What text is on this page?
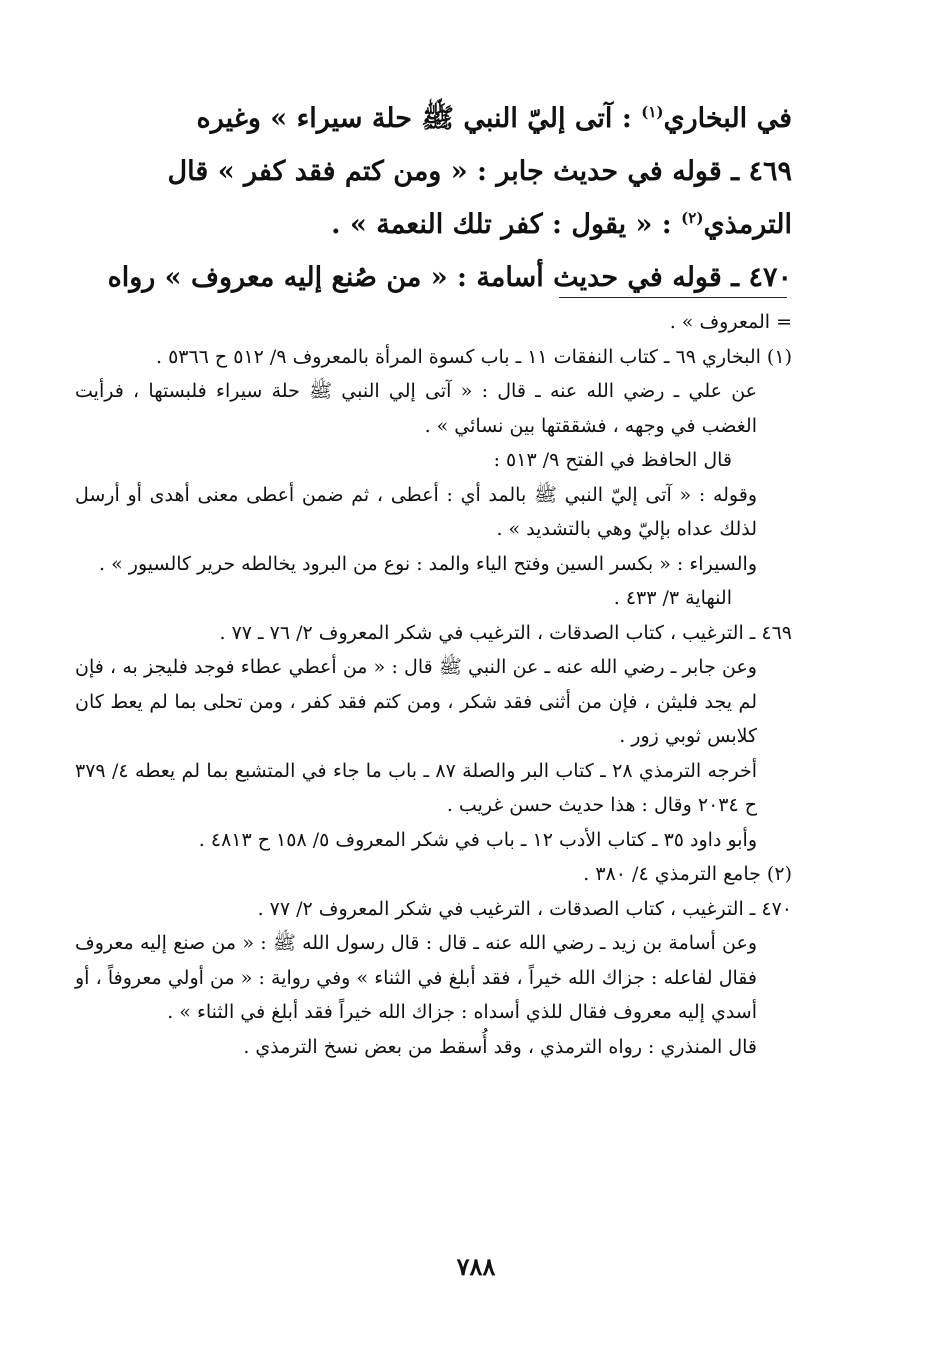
في البخاري$^{(١)}$ : آتى إليّ النبي ﷺ حلة سيراء » وغيره

٤٦٩ ـ قوله في حديث جابر : « ومن كتم فقد كفر » قال

الترمذي$^{(٢)}$ : « يقول : كفر تلك النعمة » .

٤٧٠ ـ قوله في حديث أسامة : « من صُنع إليه معروف » رواه

= المعروف » .

(١) البخاري ٦٩ ـ كتاب النفقات ١١ ـ باب كسوة المرأة بالمعروف ٩/ ٥١٢ ح ٥٣٦٦ .

عن علي ـ رضي الله عنه ـ قال : « آتى إلي النبي ﷺ حلة سيراء فلبستها ، فرأيت الغضب في وجهه ، فشققتها بين نسائي » .

قال الحافظ في الفتح ٩/ ٥١٣ :

وقوله : « آتى إليّ النبي ﷺ بالمد أي : أعطى ، ثم ضمن أعطى معنى أهدى أو أرسل لذلك عداه بإليّ وهي بالتشديد » .

والسيراء : « بكسر السين وفتح الياء والمد : نوع من البرود يخالطه حرير كالسيور » .

النهاية ٣/ ٤٣٣ .

٤٦٩ ـ الترغيب ، كتاب الصدقات ، الترغيب في شكر المعروف ٢/ ٧٦ ـ ٧٧ .

وعن جابر ـ رضي الله عنه ـ عن النبي ﷺ قال : « من أعطي عطاء فوجد فليجز به ، فإن لم يجد فليثن ، فإن من أثنى فقد شكر ، ومن كتم فقد كفر ، ومن تحلى بما لم يعط كان كلابس ثوبي زور .

أخرجه الترمذي ٢٨ ـ كتاب البر والصلة ٨٧ ـ باب ما جاء في المتشبع بما لم يعطه ٤/ ٣٧٩ ح ٢٠٣٤ وقال : هذا حديث حسن غريب .

وأبو داود ٣٥ ـ كتاب الأدب ١٢ ـ باب في شكر المعروف ٥/ ١٥٨ ح ٤٨١٣ .

(٢) جامع الترمذي ٤/ ٣٨٠ .

٤٧٠ ـ الترغيب ، كتاب الصدقات ، الترغيب في شكر المعروف ٢/ ٧٧ .

وعن أسامة بن زيد ـ رضي الله عنه ـ قال : قال رسول الله ﷺ : « من صنع إليه معروف فقال لفاعله : جزاك الله خيراً ، فقد أبلغ في الثناء » وفي رواية : « من أولي معروفاً ، أو أسدي إليه معروف فقال للذي أسداه : جزاك الله خيراً فقد أبلغ في الثناء » .

قال المنذري : رواه الترمذي ، وقد أُسقط من بعض نسخ الترمذي .

٧٨٨
